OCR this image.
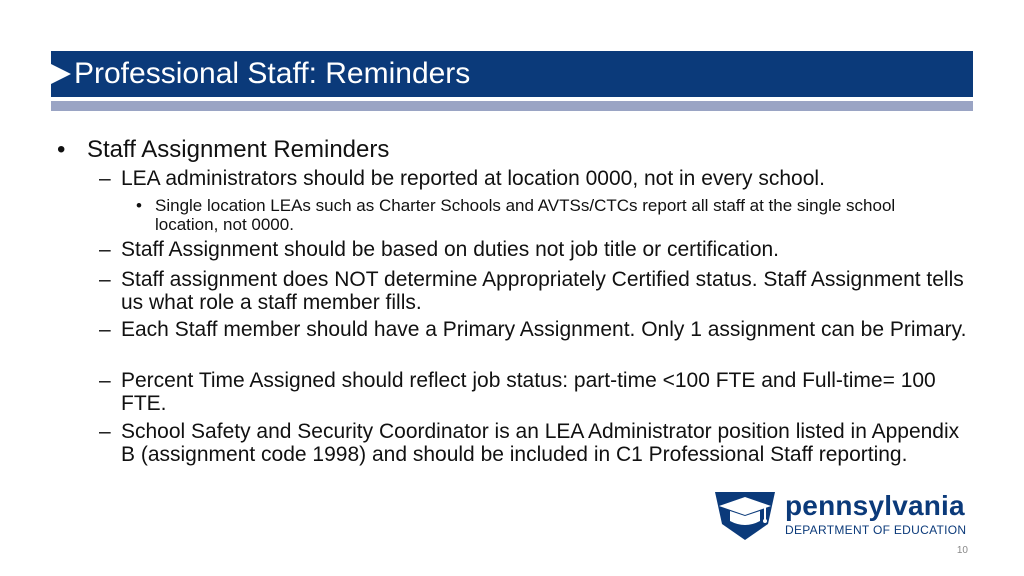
Professional Staff: Reminders
• Staff Assignment Reminders
– LEA administrators should be reported at location 0000, not in every school.
• Single location LEAs such as Charter Schools and AVTSs/CTCs report all staff at the single school location, not 0000.
– Staff Assignment should be based on duties not job title or certification.
– Staff assignment does NOT determine Appropriately Certified status. Staff Assignment tells us what role a staff member fills.
– Each Staff member should have a Primary Assignment. Only 1 assignment can be Primary.
– Percent Time Assigned should reflect job status: part-time <100 FTE and Full-time= 100 FTE.
– School Safety and Security Coordinator is an LEA Administrator position listed in Appendix B (assignment code 1998) and should be included in C1 Professional Staff reporting.
pennsylvania
DEPARTMENT OF EDUCATION
10
